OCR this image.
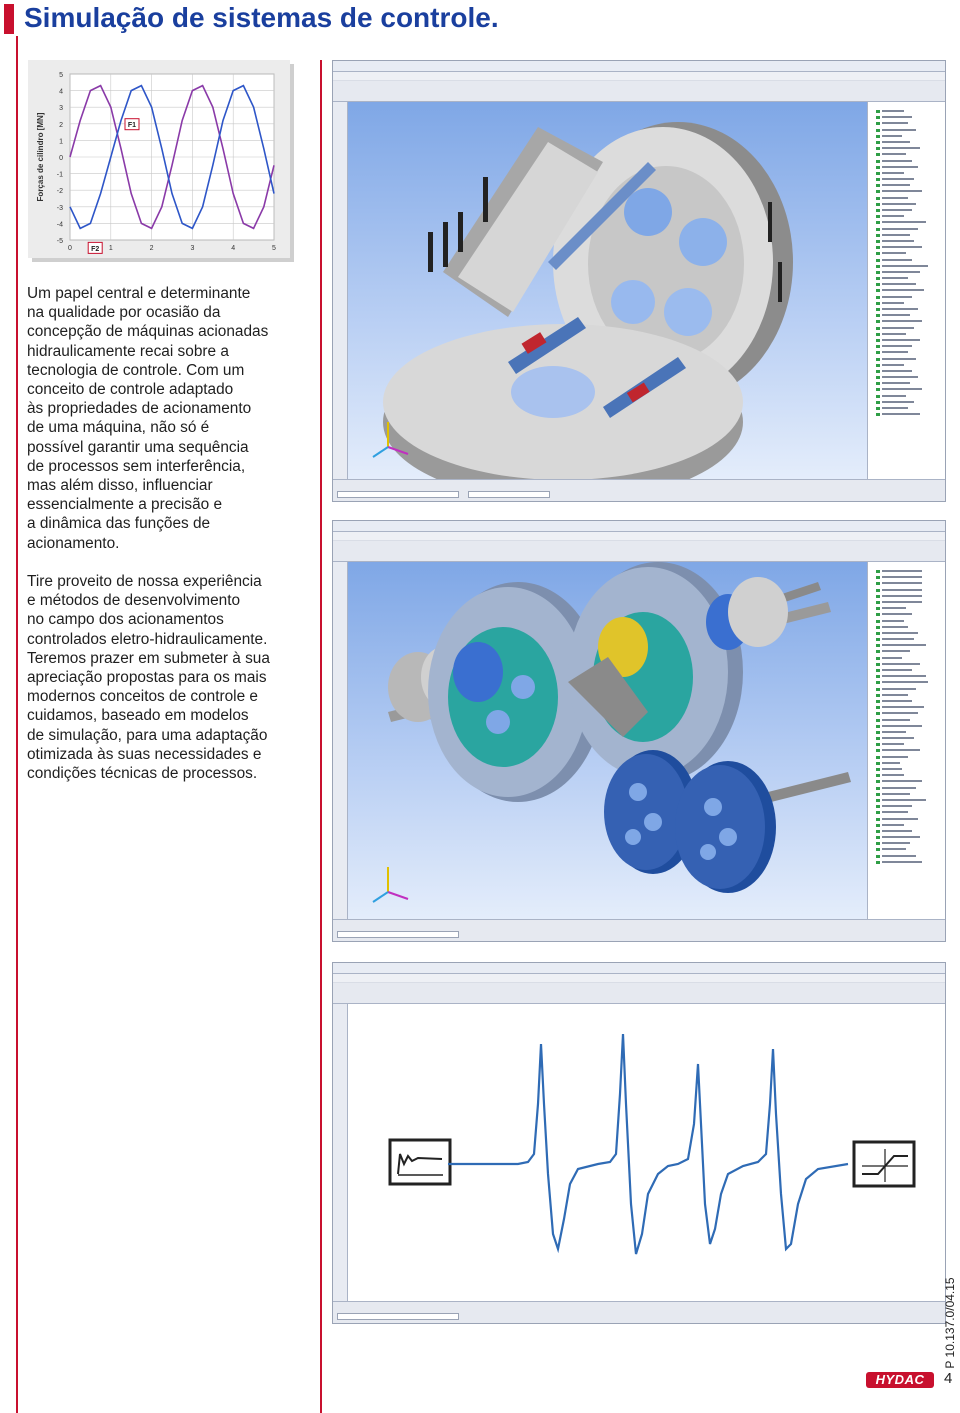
Simulação de sistemas de controle.
5
4
3
2
1
0
-1
-2
-3
-4
-5
0	1	2	3	4	5
Forças de cilindro [MN]	F1
F2
Um papel central e determinante
na qualidade por ocasião da
concepção de máquinas acionadas
hidraulicamente recai sobre a
tecnologia de controle. Com um
conceito de controle adaptado
às propriedades de acionamento
de uma máquina, não só é
possível garantir uma sequência
de processos sem interferência,
mas além disso, influenciar
essencialmente a precisão e
a dinâmica das funções de
acionamento.
Tire proveito de nossa experiência
e métodos de desenvolvimento
no campo dos acionamentos
controlados eletro-hidraulicamente.
Teremos prazer em submeter à sua
apreciação propostas para os mais
modernos conceitos de controle e
cuidamos, baseado em modelos
de simulação, para uma adaptação
otimizada às suas necessidades e
condições técnicas de processos.
P 10.137.0/04.15
4
HYDAC
